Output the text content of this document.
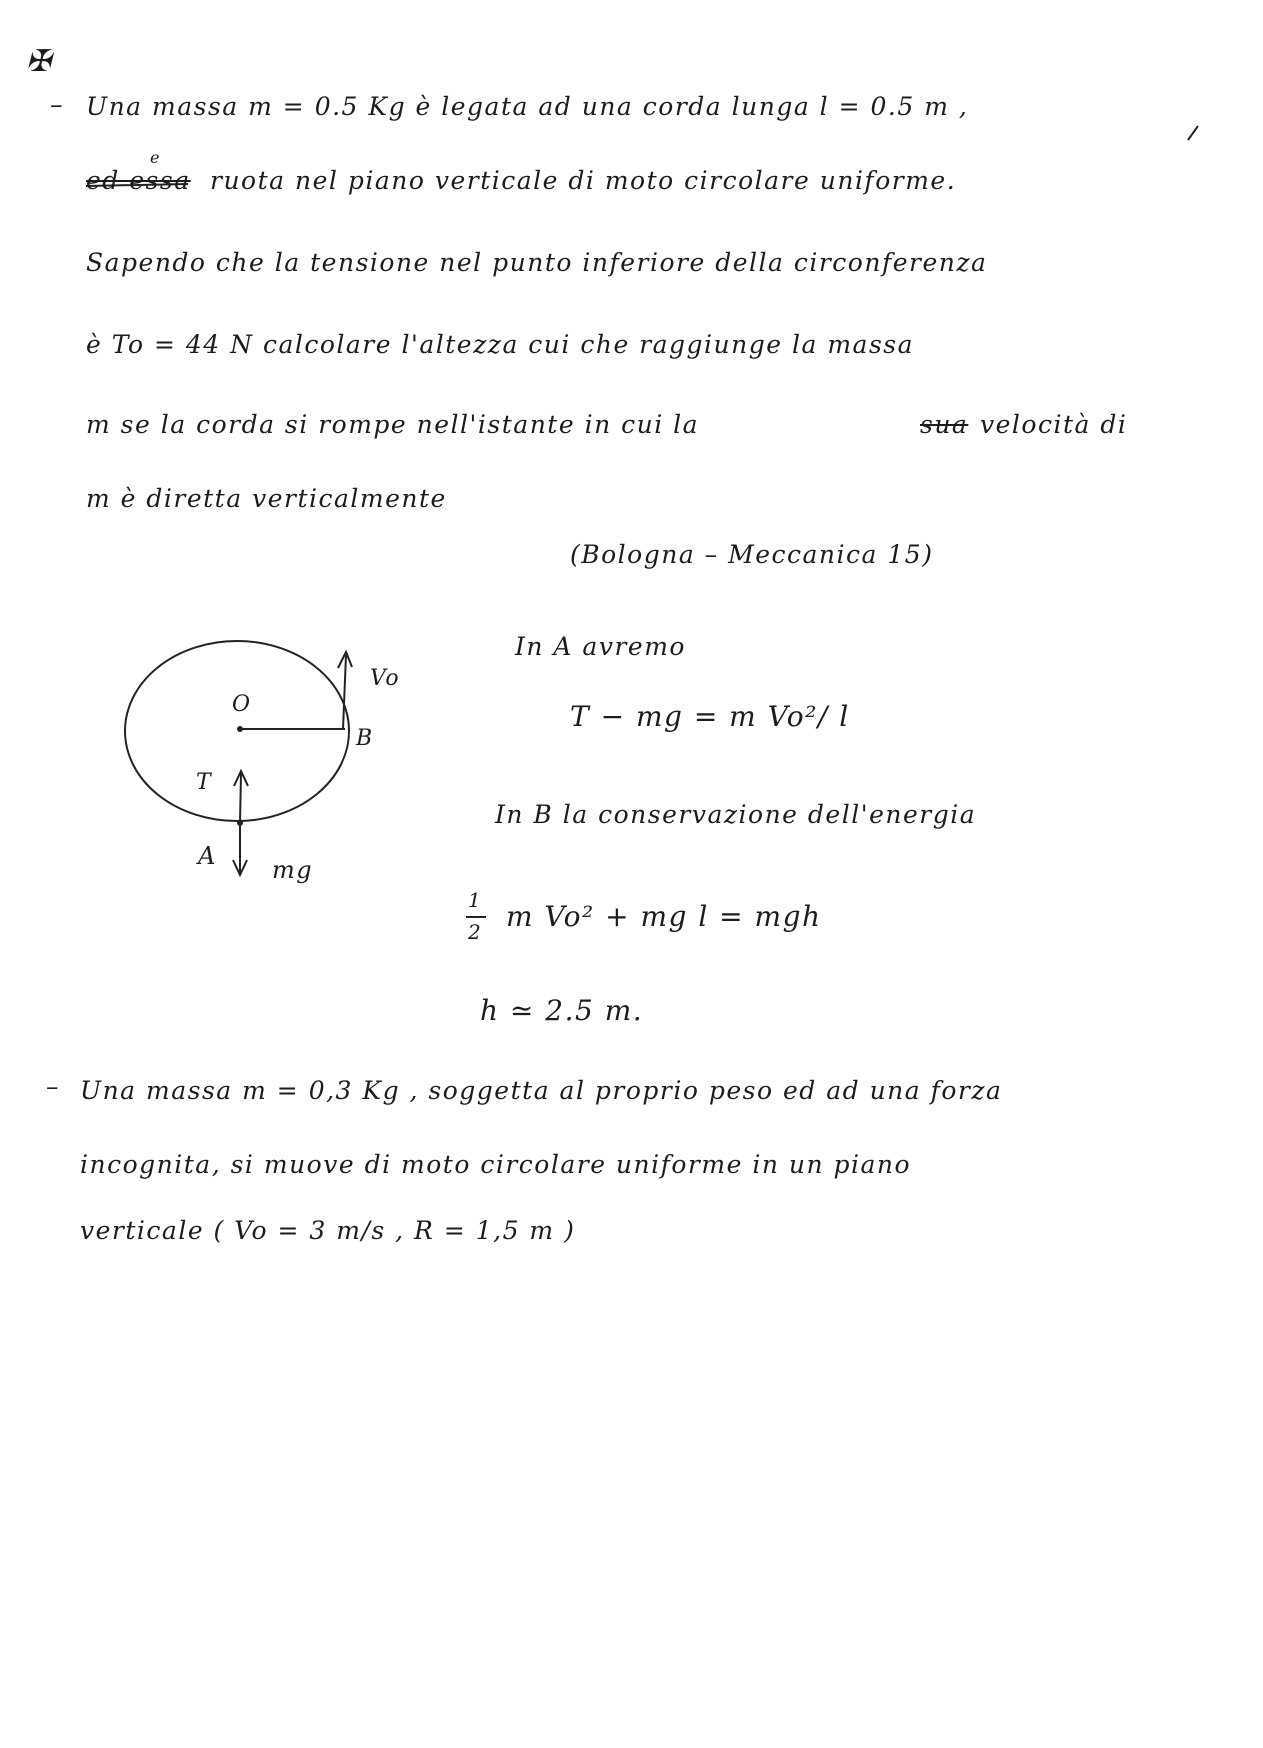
✠
– Una massa m = 0.5 Kg è legata ad una corda lunga l = 0.5 m ,
e
ed essa ruota nel piano verticale di moto circolare uniforme.
Sapendo che la tensione nel punto inferiore della circonferenza
è To = 44 N calcolare l'altezza cui che raggiunge la massa
m se la corda si rompe nell'istante in cui la	sua velocità di
m è diretta verticalmente
(Bologna – Meccanica 15)
O
B
A
Vo
mg
T
In A avremo
T − mg = m Vo²/ l
In B la conservazione dell'energia
1
2 m Vo² + mg l = mgh
h ≃ 2.5 m.
– Una massa m = 0,3 Kg , soggetta al proprio peso ed ad una forza
incognita, si muove di moto circolare uniforme in un piano
verticale ( Vo = 3 m/s , R = 1,5 m )
